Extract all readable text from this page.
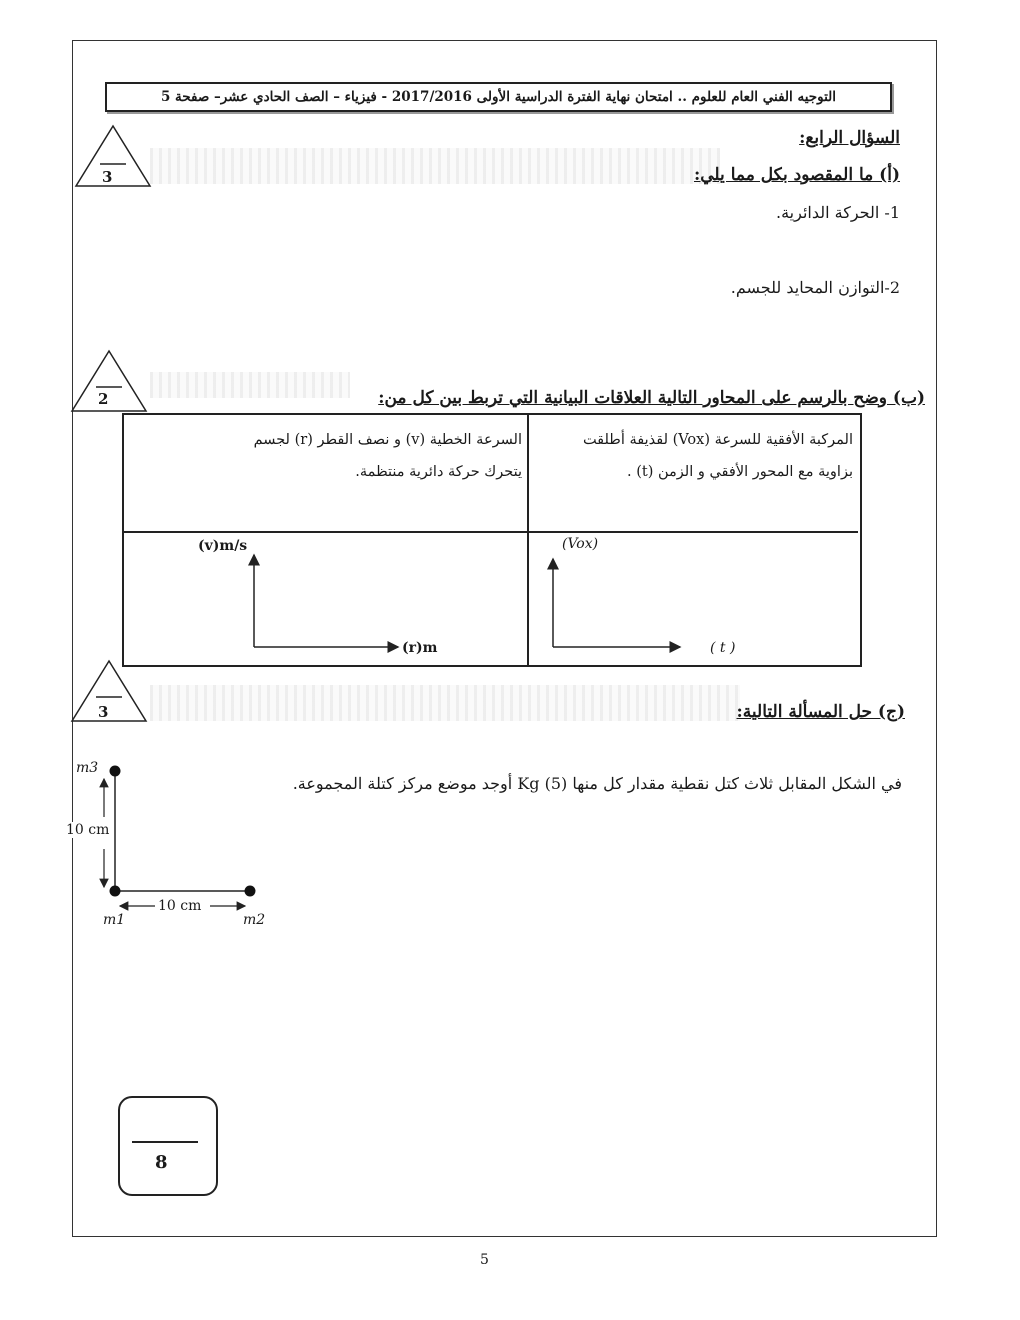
التوجيه الفني العام للعلوم .. امتحان نهاية الفترة الدراسية الأولى 2017/2016 - فيزياء – الصف الحادي عشر– صفحة 5
3
2
3
السؤال الرابع:
(أ) ما المقصود بكل مما يلي:
1- الحركة الدائرية.
2-التوازن المحايد للجسم.
(ب) وضح بالرسم على المحاور التالية العلاقات البيانية التي تربط بين كل من:
المركبة الأفقية للسرعة (Vox) لقذيفة أطلقت
بزاوية مع المحور الأفقي و الزمن (t) .
السرعة الخطية (v) و نصف القطر (r) لجسم
يتحرك حركة دائرية منتظمة.
(Vox)
( t )
(v)m/s
(r)m
(ج) حل المسألة التالية:
في الشكل المقابل ثلاث كتل نقطية مقدار كل منها Kg (5) أوجد موضع مركز كتلة المجموعة.
m3
m1	m2
10 cm
10 cm
8
5
